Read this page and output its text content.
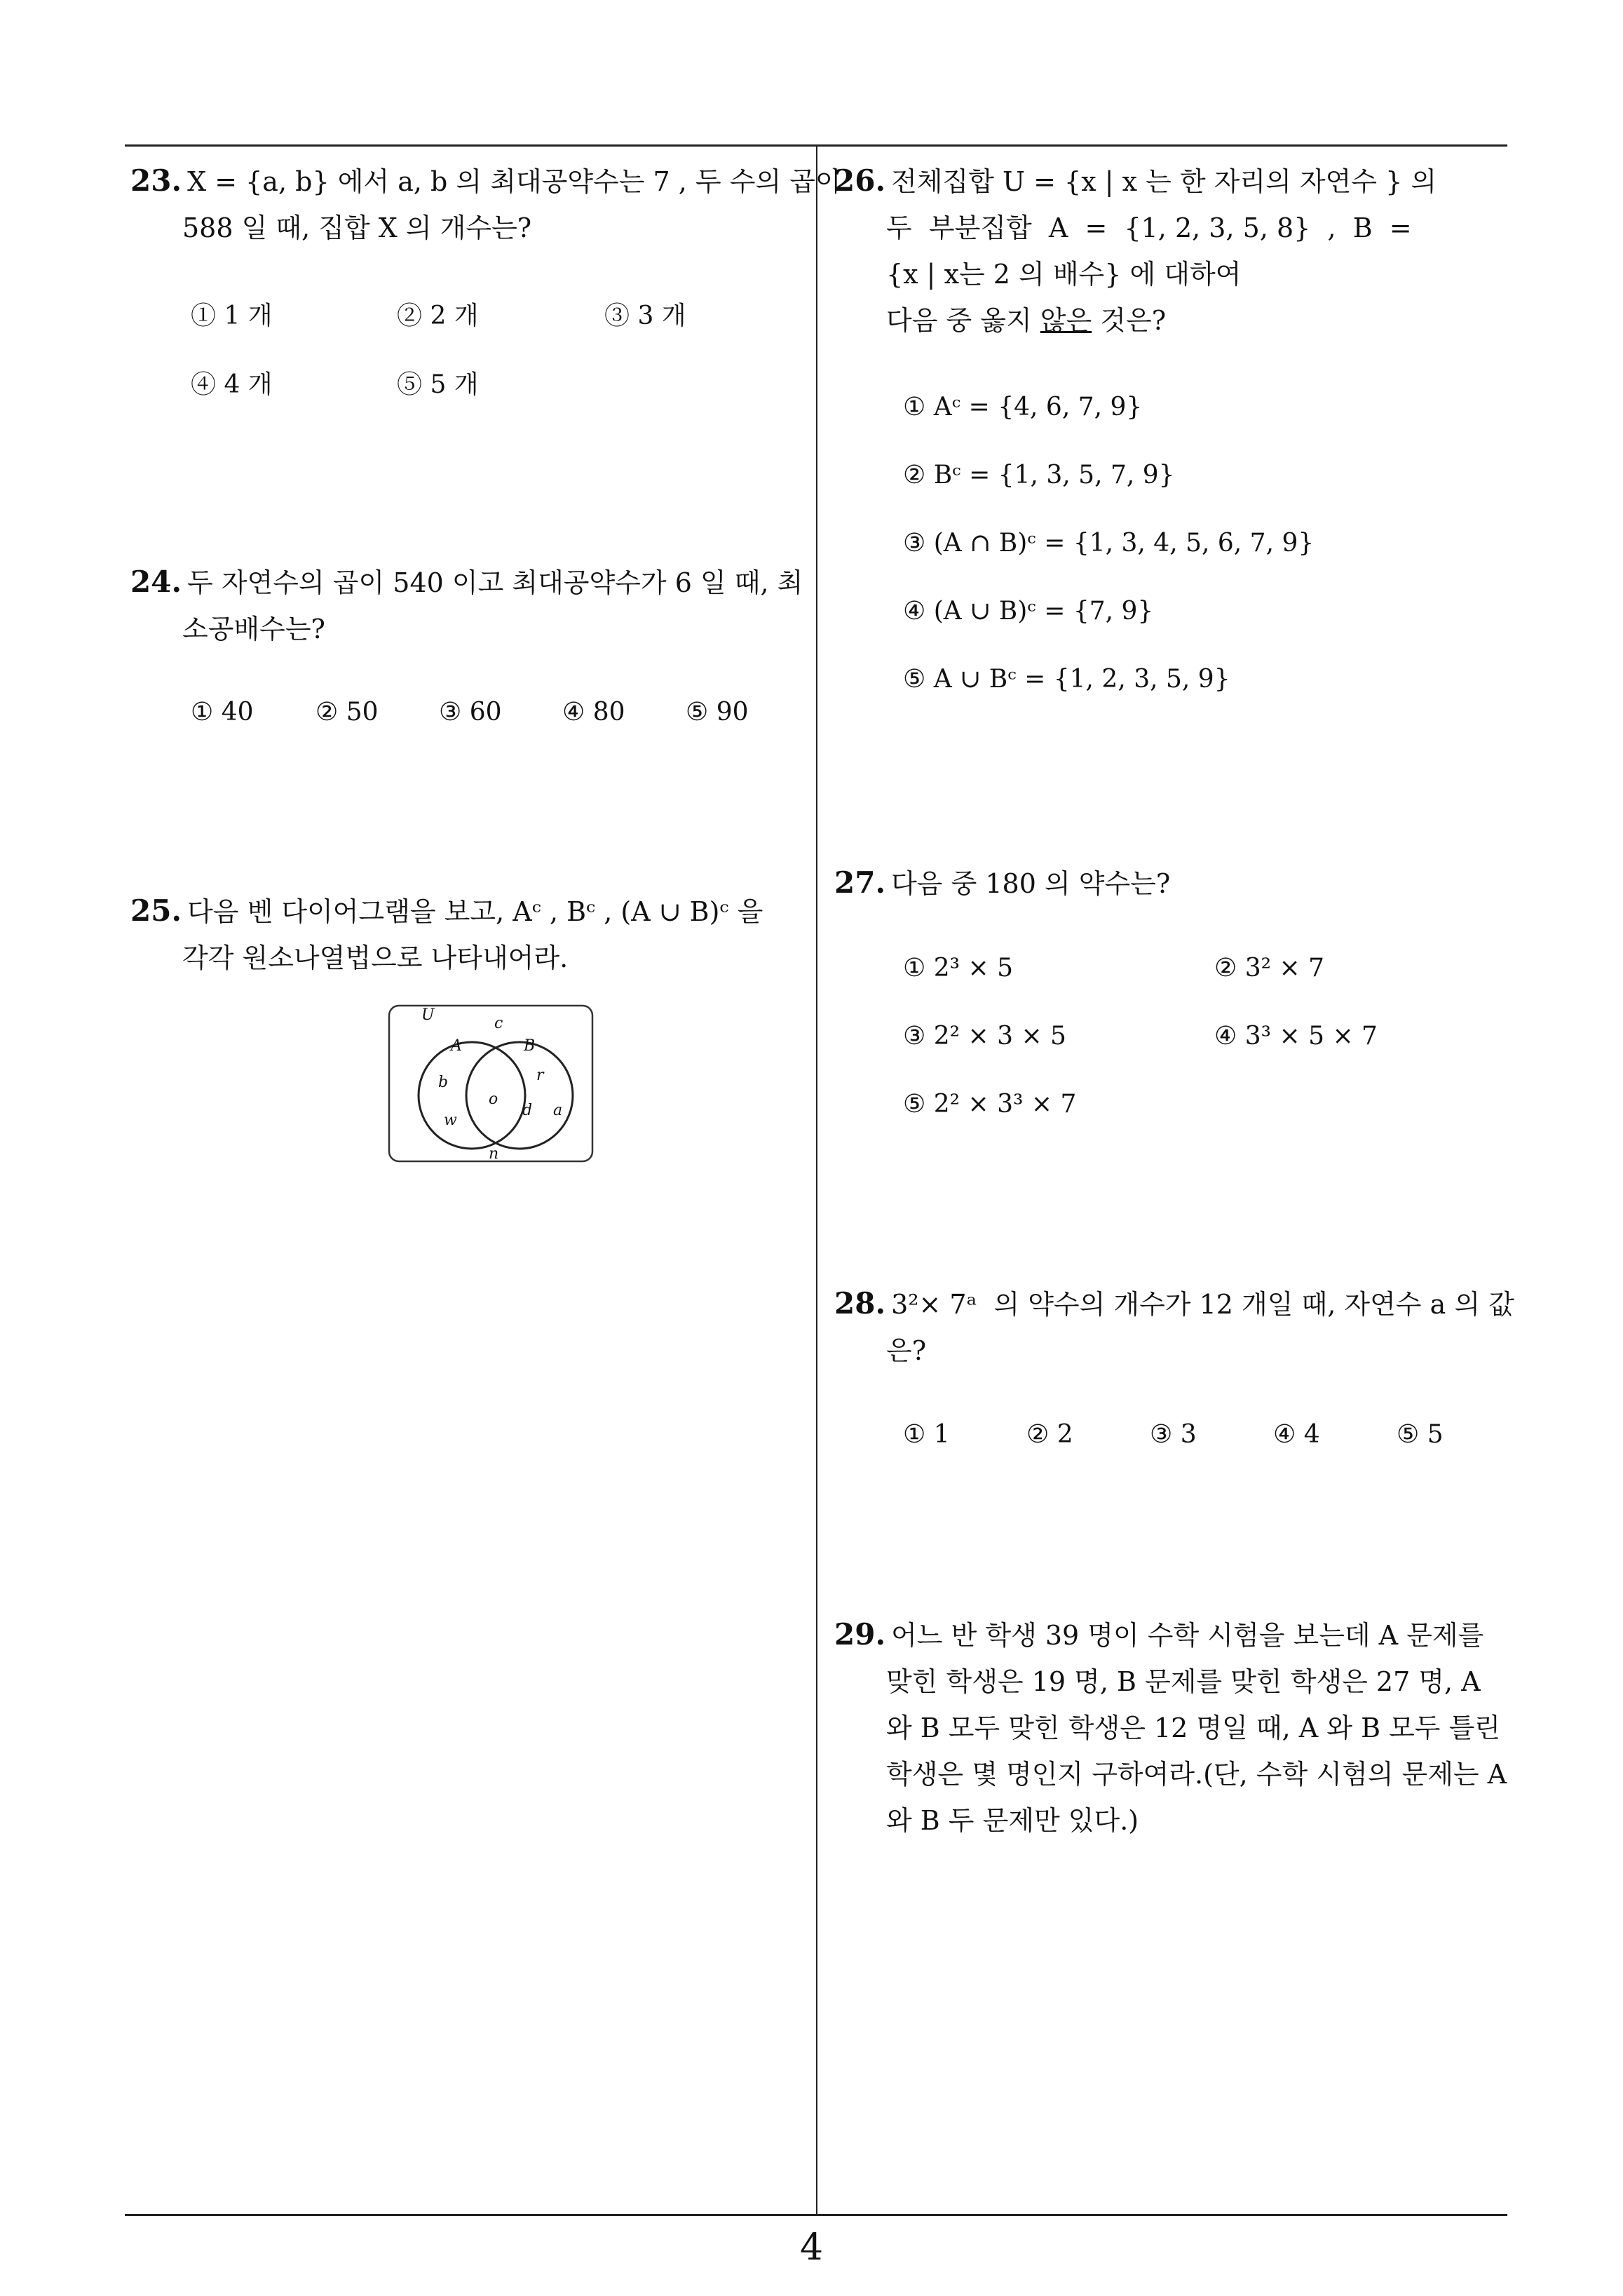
23. X = {a, b} 에서 a, b 의 최대공약수는 7 , 두 수의 곱이
588 일 때, 집합 X 의 개수는?
① 1 개	② 2 개	③ 3 개
④ 4 개	⑤ 5 개
24. 두 자연수의 곱이 540 이고 최대공약수가 6 일 때, 최
소공배수는?
① 40 ② 50 ③ 60 ④ 80 ⑤ 90
25. 다음 벤 다이어그램을 보고, Aᶜ , Bᶜ , (A ∪ B)ᶜ 을
각각 원소나열법으로 나타내어라.
U
A	B
c
n
b
w
o
r
d a
26. 전체집합 U = {x | x 는 한 자리의 자연수 } 의
두  부분집합  A  =  {1, 2, 3, 5, 8}  ,  B  =
{x | x는 2 의 배수} 에 대하여
다음 중 옳지 않은 것은?
① Aᶜ = {4, 6, 7, 9}
② Bᶜ = {1, 3, 5, 7, 9}
③ (A ∩ B)ᶜ = {1, 3, 4, 5, 6, 7, 9}
④ (A ∪ B)ᶜ = {7, 9}
⑤ A ∪ Bᶜ = {1, 2, 3, 5, 9}
27. 다음 중 180 의 약수는?
① 2³ × 5	② 3² × 7
③ 2² × 3 × 5	④ 3³ × 5 × 7
⑤ 2² × 3³ × 7
28. 3²× 7ᵃ  의 약수의 개수가 12 개일 때, 자연수 a 의 값
은?
① 1	② 2	③ 3	④ 4	⑤ 5
29. 어느 반 학생 39 명이 수학 시험을 보는데 A 문제를
맞힌 학생은 19 명, B 문제를 맞힌 학생은 27 명, A
와 B 모두 맞힌 학생은 12 명일 때, A 와 B 모두 틀린
학생은 몇 명인지 구하여라.(단, 수학 시험의 문제는 A
와 B 두 문제만 있다.)
4
